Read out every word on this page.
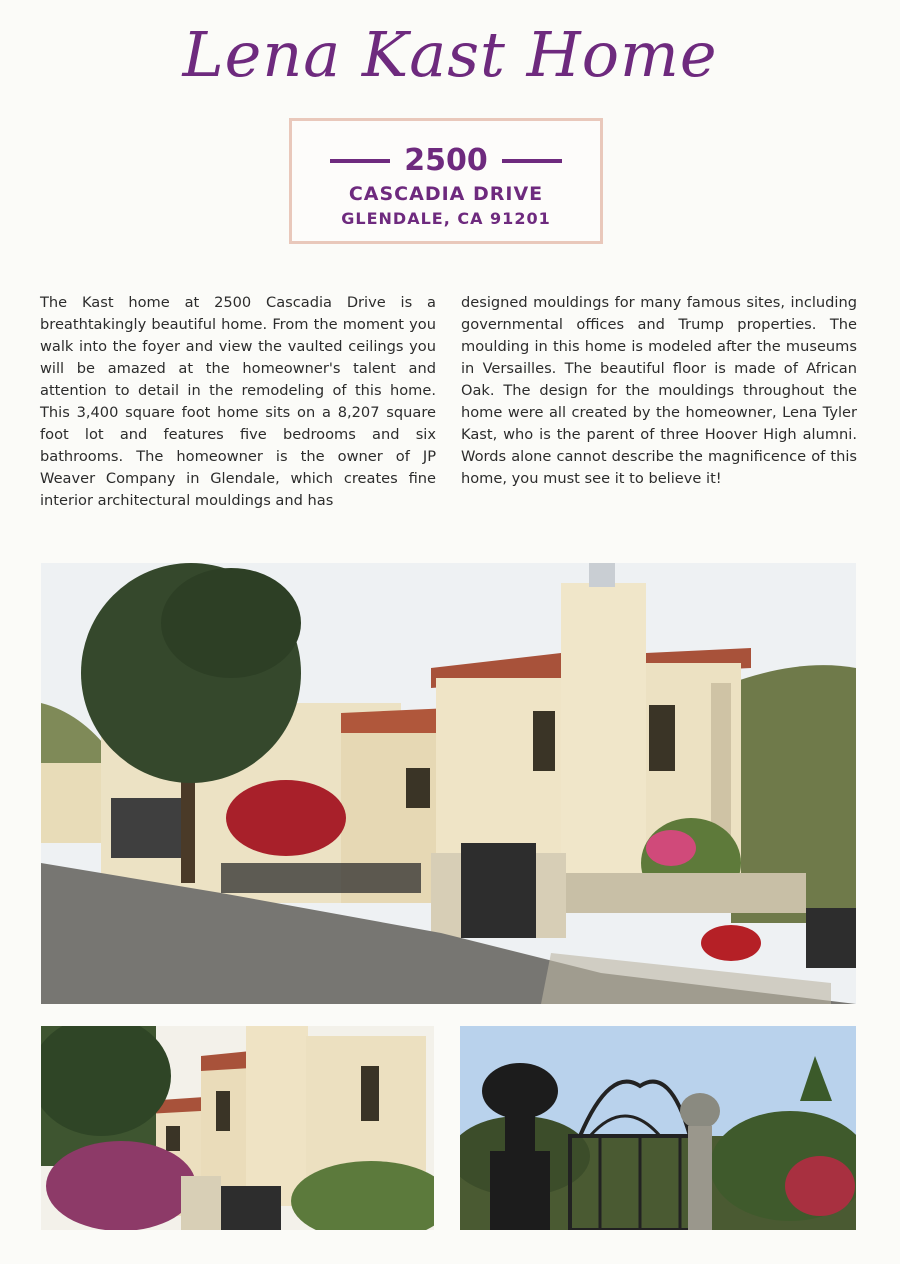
Lena Kast Home
2500
CASCADIA DRIVE
GLENDALE, CA 91201
The Kast home at 2500 Cascadia Drive is a breathtakingly beautiful home. From the moment you walk into the foyer and view the vaulted ceilings you will be amazed at the homeowner's talent and attention to detail in the remodeling of this home. This 3,400 square foot home sits on a 8,207 square foot lot and features five bedrooms and six bathrooms. The homeowner is the owner of JP Weaver Company in Glendale, which creates fine interior architectural mouldings and has
designed mouldings for many famous sites, including governmental offices and Trump properties. The moulding in this home is modeled after the museums in Versailles. The beautiful floor is made of African Oak. The design for the mouldings throughout the home were all created by the homeowner, Lena Tyler Kast, who is the parent of three Hoover High alumni. Words alone cannot describe the magnificence of this home, you must see it to believe it!
